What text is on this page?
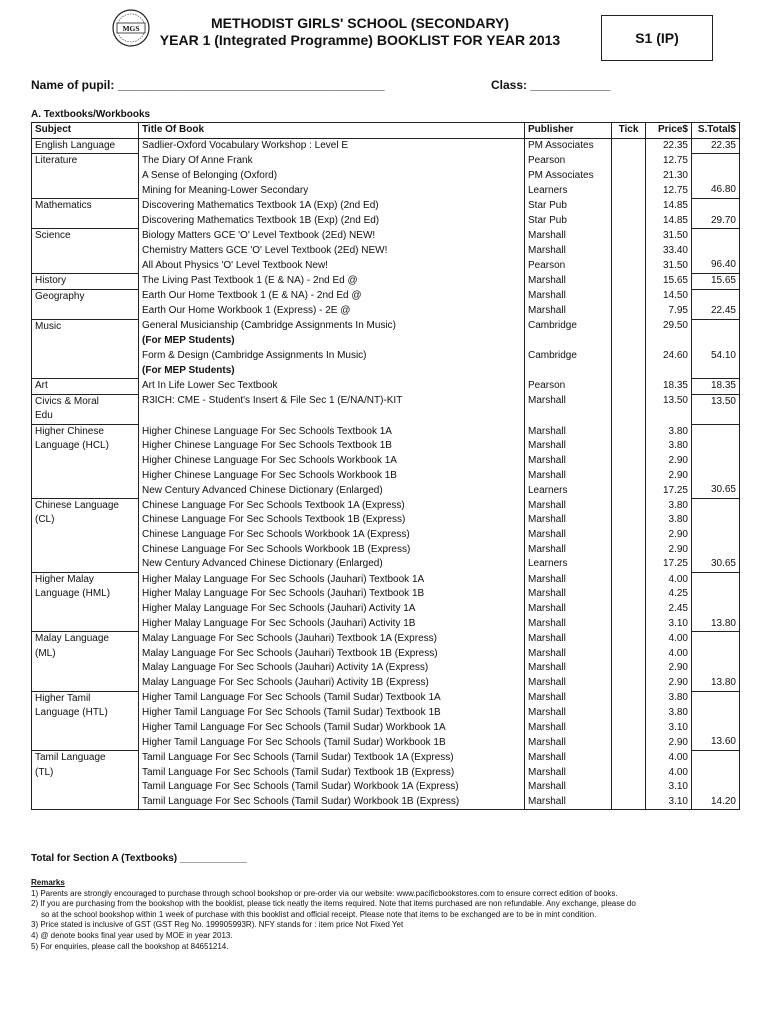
MGS	METHODIST GIRLS' SCHOOL (SECONDARY)
YEAR 1 (Integrated Programme) BOOKLIST FOR YEAR 2013	S1 (IP)
Name of pupil: ________________________________________	Class: ____________
A. Textbooks/Workbooks
Subject	Title Of Book	Publisher	Tick	Price$	S.Total$
English Language	Sadlier-Oxford Vocabulary Workshop : Level E	PM Associates		22.35	22.35
Literature	The Diary Of Anne Frank	Pearson		12.75	
	A Sense of Belonging (Oxford)	PM Associates		21.30	
	Mining for Meaning-Lower Secondary	Learners		12.75	46.80
Mathematics	Discovering Mathematics Textbook 1A (Exp) (2nd Ed)	Star Pub		14.85	
	Discovering Mathematics Textbook 1B (Exp) (2nd Ed)	Star Pub		14.85	29.70
Science	Biology Matters GCE 'O' Level Textbook (2Ed) NEW!	Marshall		31.50	
	Chemistry Matters GCE 'O' Level Textbook (2Ed) NEW!	Marshall		33.40	
	All About Physics 'O' Level Textbook New!	Pearson		31.50	96.40
History	The Living Past Textbook 1 (E & NA) - 2nd Ed @	Marshall		15.65	15.65
Geography	Earth Our Home Textbook 1 (E & NA) - 2nd Ed @	Marshall		14.50	
	Earth Our Home Workbook 1 (Express) - 2E @	Marshall		7.95	22.45
Music	General Musicianship (Cambridge Assignments In Music)	Cambridge		29.50	
	(For MEP Students)				
	Form & Design (Cambridge Assignments In Music)	Cambridge		24.60	54.10
	(For MEP Students)				
Art	Art In Life Lower Sec Textbook	Pearson		18.35	18.35
Civics & Moral	R3ICH: CME - Student's Insert & File Sec 1 (E/NA/NT)-KIT	Marshall		13.50	13.50
Edu					
Higher Chinese	Higher Chinese Language For Sec Schools Textbook 1A	Marshall		3.80	
Language (HCL)	Higher Chinese Language For Sec Schools Textbook 1B	Marshall		3.80	
	Higher Chinese Language For Sec Schools Workbook 1A	Marshall		2.90	
	Higher Chinese Language For Sec Schools Workbook 1B	Marshall		2.90	
	New Century Advanced Chinese Dictionary (Enlarged)	Learners		17.25	30.65
Chinese Language	Chinese Language For Sec Schools Textbook 1A (Express)	Marshall		3.80	
(CL)	Chinese Language For Sec Schools Textbook 1B (Express)	Marshall		3.80	
	Chinese Language For Sec Schools Workbook 1A (Express)	Marshall		2.90	
	Chinese Language For Sec Schools Workbook 1B (Express)	Marshall		2.90	
	New Century Advanced Chinese Dictionary (Enlarged)	Learners		17.25	30.65
Higher Malay	Higher Malay Language For Sec Schools (Jauhari) Textbook 1A	Marshall		4.00	
Language (HML)	Higher Malay Language For Sec Schools (Jauhari) Textbook 1B	Marshall		4.25	
	Higher Malay Language For Sec Schools (Jauhari) Activity 1A	Marshall		2.45	
	Higher Malay Language For Sec Schools (Jauhari) Activity 1B	Marshall		3.10	13.80
Malay Language	Malay Language For Sec Schools (Jauhari) Textbook 1A (Express)	Marshall		4.00	
(ML)	Malay Language For Sec Schools (Jauhari) Textbook 1B (Express)	Marshall		4.00	
	Malay Language For Sec Schools (Jauhari) Activity 1A (Express)	Marshall		2.90	
	Malay Language For Sec Schools (Jauhari) Activity 1B (Express)	Marshall		2.90	13.80
Higher Tamil	Higher Tamil Language For Sec Schools (Tamil Sudar) Textbook 1A	Marshall		3.80	
Language (HTL)	Higher Tamil Language For Sec Schools (Tamil Sudar) Textbook 1B	Marshall		3.80	
	Higher Tamil Language For Sec Schools (Tamil Sudar) Workbook 1A	Marshall		3.10	
	Higher Tamil Language For Sec Schools (Tamil Sudar) Workbook 1B	Marshall		2.90	13.60
Tamil Language	Tamil Language For Sec Schools (Tamil Sudar) Textbook 1A (Express)	Marshall		4.00	
(TL)	Tamil Language For Sec Schools (Tamil Sudar) Textbook 1B (Express)	Marshall		4.00	
	Tamil Language For Sec Schools (Tamil Sudar) Workbook 1A (Express)	Marshall		3.10	
	Tamil Language For Sec Schools (Tamil Sudar) Workbook 1B (Express)	Marshall		3.10	14.20
Total for Section A (Textbooks) ____________
Remarks
1) Parents are strongly encouraged to purchase through school bookshop or pre-order via our website: www.pacificbookstores.com to ensure correct edition of books.
2) If you are purchasing from the bookshop with the booklist, please tick neatly the items required. Note that items purchased are non refundable. Any exchange, please do
so at the school bookshop within 1 week of purchase with this booklist and official receipt. Please note that items to be exchanged are to be in mint condition.
3) Price stated is inclusive of GST (GST Reg No. 199905993R). NFY stands for : item price Not Fixed Yet
4) @ denote books final year used by MOE in year 2013.
5) For enquiries, please call the bookshop at 84651214.
